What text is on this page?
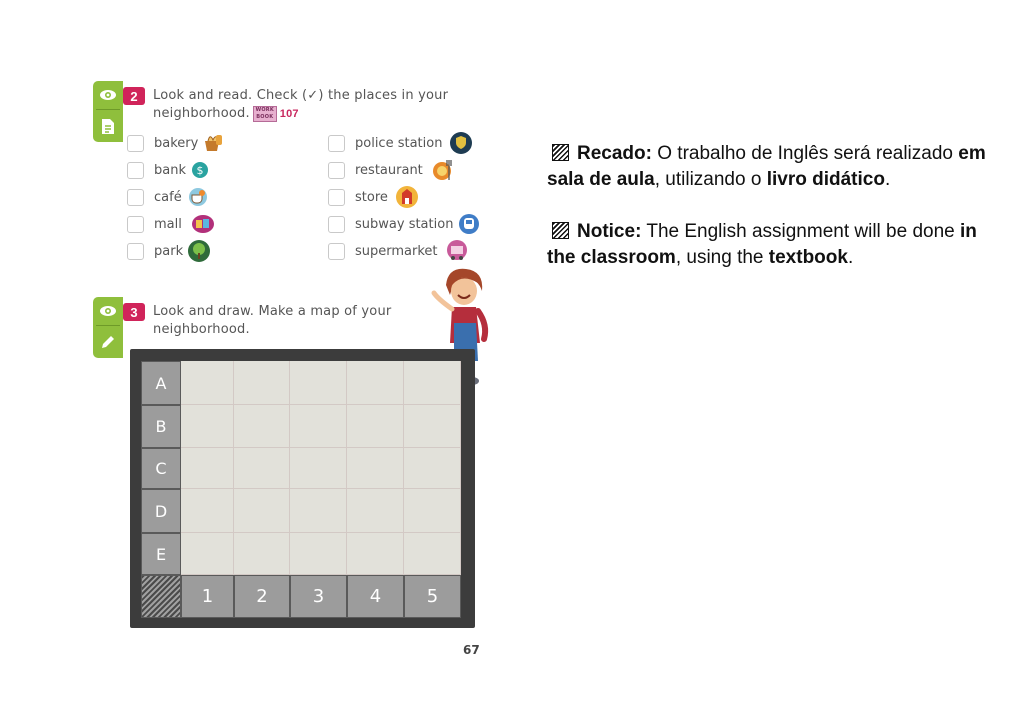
2	Look and read. Check (✓) the places in your
neighborhood.	WORK BOOK 107
bakery
bank $
café
mall
park
police station
restaurant
store
subway station
supermarket
3	Look and draw. Make a map of your
neighborhood.
A
B
C
D
E
1	2	3	4	5
67

Recado: O trabalho de Inglês será realizado em sala de aula, utilizando o livro didático.

Notice: The English assignment will be done in the classroom, using the textbook.
